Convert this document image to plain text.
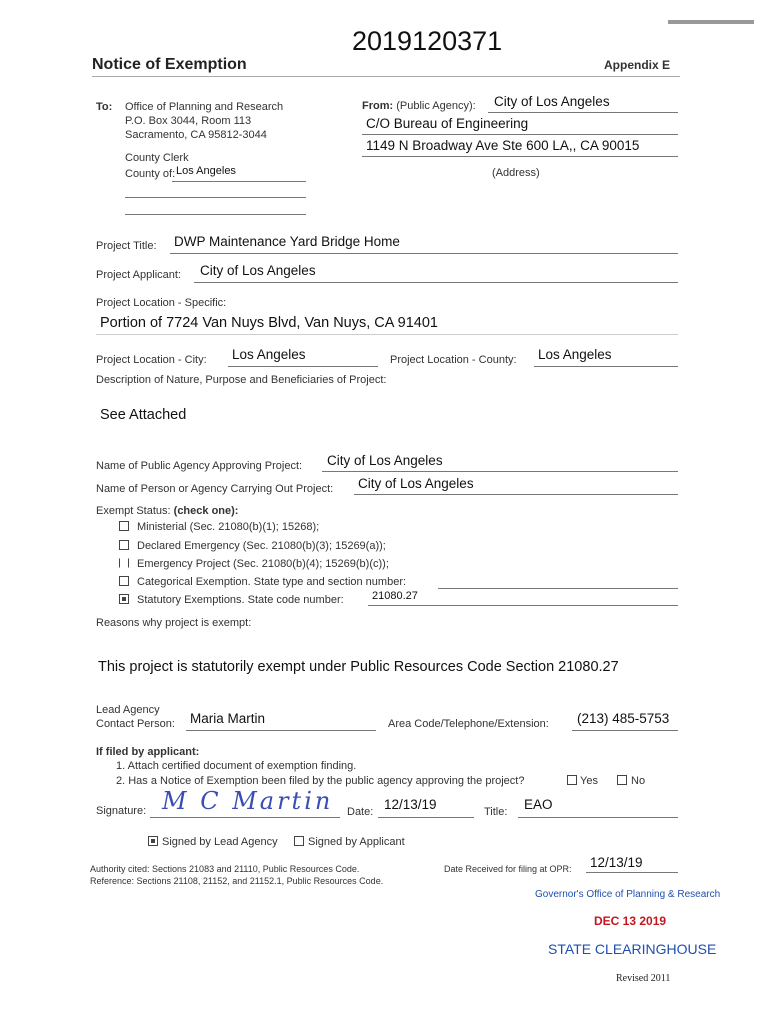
2019120371
Notice of Exemption	Appendix E
To: Office of Planning and Research
P.O. Box 3044, Room 113
Sacramento, CA 95812-3044
County Clerk
County of: Los Angeles
From: (Public Agency): City of Los Angeles
C/O Bureau of Engineering
1149 N Broadway Ave Ste 600 LA,, CA 90015
(Address)
Project Title: DWP Maintenance Yard Bridge Home
Project Applicant: City of Los Angeles
Project Location - Specific:
Portion of 7724 Van Nuys Blvd, Van Nuys, CA 91401
Project Location - City: Los Angeles	Project Location - County: Los Angeles
Description of Nature, Purpose and Beneficiaries of Project:
See Attached
Name of Public Agency Approving Project: City of Los Angeles
Name of Person or Agency Carrying Out Project: City of Los Angeles
Exempt Status: (check one):
Ministerial (Sec. 21080(b)(1); 15268);
Declared Emergency (Sec. 21080(b)(3); 15269(a));
Emergency Project (Sec. 21080(b)(4); 15269(b)(c));
Categorical Exemption. State type and section number:
Statutory Exemptions. State code number:	21080.27
Reasons why project is exempt:
This project is statutorily exempt under Public Resources Code Section 21080.27
Lead Agency
Contact Person: Maria Martin	Area Code/Telephone/Extension: (213) 485-5753
If filed by applicant:
1. Attach certified document of exemption finding.
2. Has a Notice of Exemption been filed by the public agency approving the project?	Yes	No
Signature: M C Martin Date: 12/13/19	Title: EAO
Signed by Lead Agency	Signed by Applicant
Authority cited: Sections 21083 and 21110, Public Resources Code.
Reference: Sections 21108, 21152, and 21152.1, Public Resources Code.
Date Received for filing at OPR: 12/13/19
Governor's Office of Planning & Research
DEC 13 2019
STATE CLEARINGHOUSE
Revised 2011
